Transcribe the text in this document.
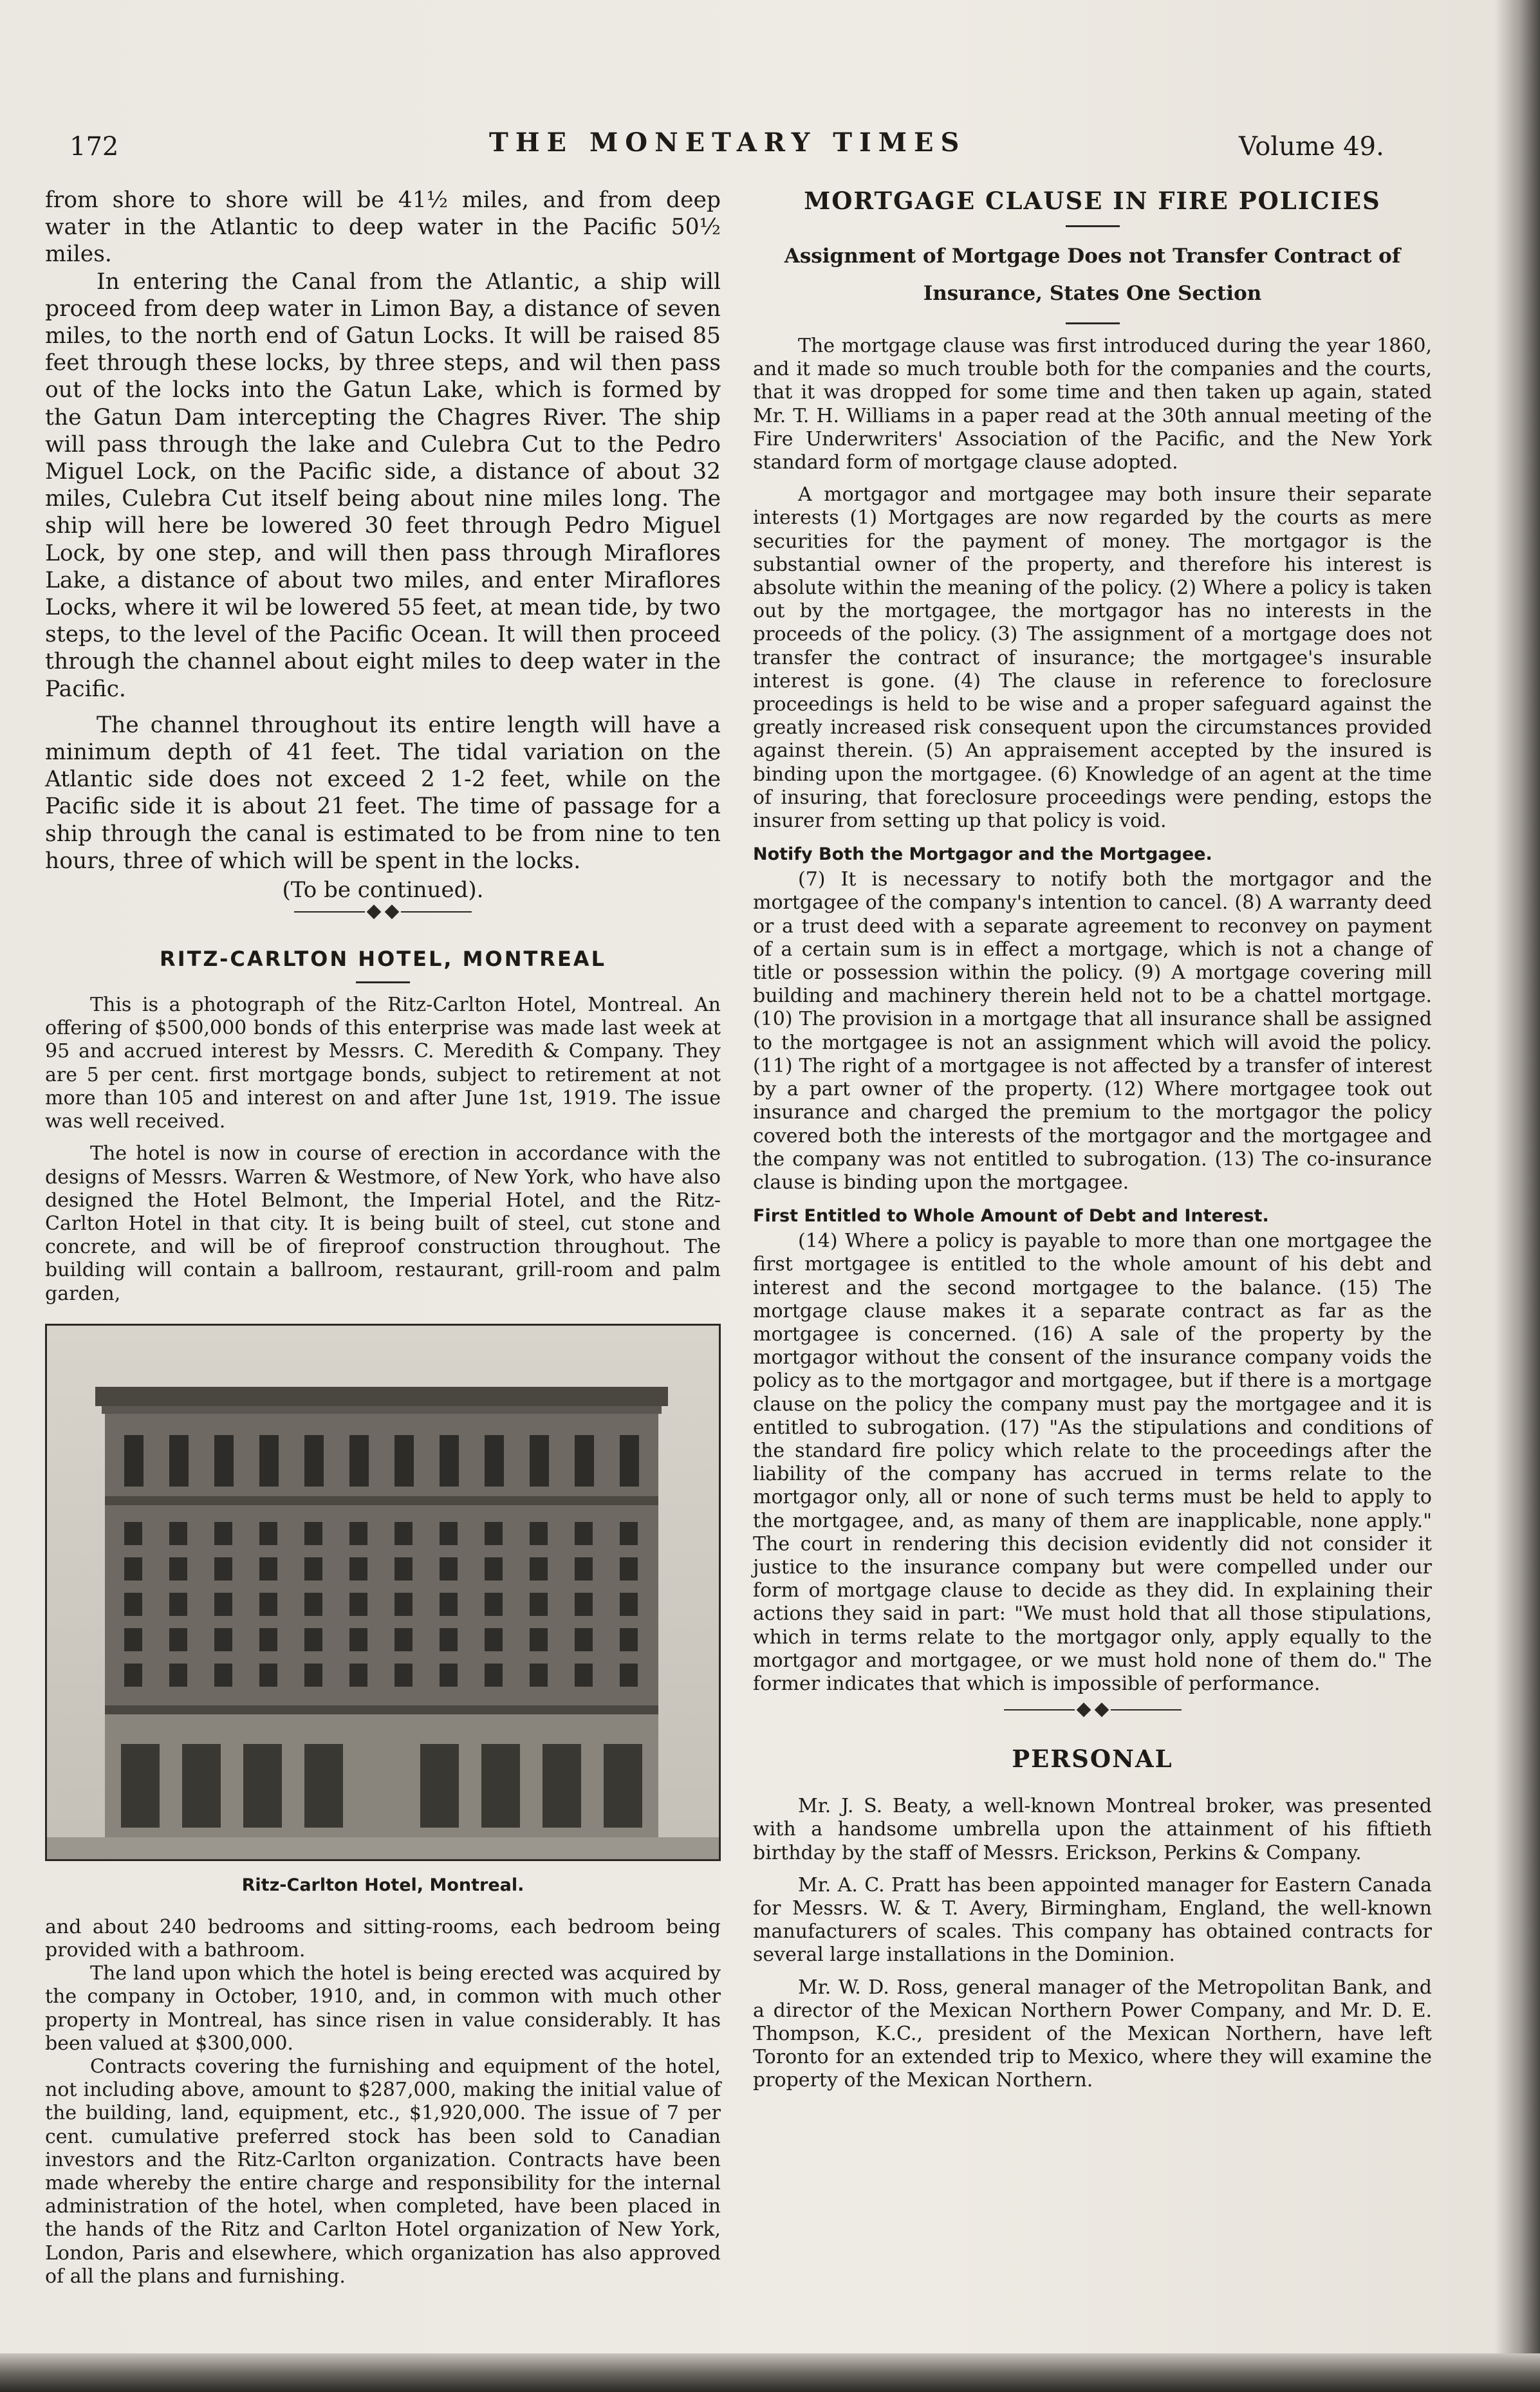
172	THE MONETARY TIMES	Volume 49.

from shore to shore will be 41½ miles, and from deep water in the Atlantic to deep water in the Pacific 50½ miles.

In entering the Canal from the Atlantic, a ship will proceed from deep water in Limon Bay, a distance of seven miles, to the north end of Gatun Locks. It will be raised 85 feet through these locks, by three steps, and wil then pass out of the locks into the Gatun Lake, which is formed by the Gatun Dam intercepting the Chagres River. The ship will pass through the lake and Culebra Cut to the Pedro Miguel Lock, on the Pacific side, a distance of about 32 miles, Culebra Cut itself being about nine miles long. The ship will here be lowered 30 feet through Pedro Miguel Lock, by one step, and will then pass through Miraflores Lake, a distance of about two miles, and enter Miraflores Locks, where it wil be lowered 55 feet, at mean tide, by two steps, to the level of the Pacific Ocean. It will then proceed through the channel about eight miles to deep water in the Pacific.

The channel throughout its entire length will have a minimum depth of 41 feet. The tidal variation on the Atlantic side does not exceed 2 1-2 feet, while on the Pacific side it is about 21 feet. The time of passage for a ship through the canal is estimated to be from nine to ten hours, three of which will be spent in the locks.

(To be continued).

RITZ-CARLTON HOTEL, MONTREAL

This is a photograph of the Ritz-Carlton Hotel, Montreal. An offering of $500,000 bonds of this enterprise was made last week at 95 and accrued interest by Messrs. C. Meredith & Company. They are 5 per cent. first mortgage bonds, subject to retirement at not more than 105 and interest on and after June 1st, 1919. The issue was well received.

The hotel is now in course of erection in accordance with the designs of Messrs. Warren & Westmore, of New York, who have also designed the Hotel Belmont, the Imperial Hotel, and the Ritz-Carlton Hotel in that city. It is being built of steel, cut stone and concrete, and will be of fireproof construction throughout. The building will contain a ballroom, restaurant, grill-room and palm garden,

Ritz-Carlton Hotel, Montreal.

and about 240 bedrooms and sitting-rooms, each bedroom being provided with a bathroom.

The land upon which the hotel is being erected was acquired by the company in October, 1910, and, in common with much other property in Montreal, has since risen in value considerably. It has been valued at $300,000.

Contracts covering the furnishing and equipment of the hotel, not including above, amount to $287,000, making the initial value of the building, land, equipment, etc., $1,920,000. The issue of 7 per cent. cumulative preferred stock has been sold to Canadian investors and the Ritz-Carlton organization. Contracts have been made whereby the entire charge and responsibility for the internal administration of the hotel, when completed, have been placed in the hands of the Ritz and Carlton Hotel organization of New York, London, Paris and elsewhere, which organization has also approved of all the plans and furnishing.

MORTGAGE CLAUSE IN FIRE POLICIES

Assignment of Mortgage Does not Transfer Contract of Insurance, States One Section

The mortgage clause was first introduced during the year 1860, and it made so much trouble both for the companies and the courts, that it was dropped for some time and then taken up again, stated Mr. T. H. Williams in a paper read at the 30th annual meeting of the Fire Underwriters' Association of the Pacific, and the New York standard form of mortgage clause adopted.

A mortgagor and mortgagee may both insure their separate interests (1) Mortgages are now regarded by the courts as mere securities for the payment of money. The mortgagor is the substantial owner of the property, and therefore his interest is absolute within the meaning of the policy. (2) Where a policy is taken out by the mortgagee, the mortgagor has no interests in the proceeds of the policy. (3) The assignment of a mortgage does not transfer the contract of insurance; the mortgagee's insurable interest is gone. (4) The clause in reference to foreclosure proceedings is held to be wise and a proper safeguard against the greatly increased risk consequent upon the circumstances provided against therein. (5) An appraisement accepted by the insured is binding upon the mortgagee. (6) Knowledge of an agent at the time of insuring, that foreclosure proceedings were pending, estops the insurer from setting up that policy is void.

Notify Both the Mortgagor and the Mortgagee.

(7) It is necessary to notify both the mortgagor and the mortgagee of the company's intention to cancel. (8) A warranty deed or a trust deed with a separate agreement to reconvey on payment of a certain sum is in effect a mortgage, which is not a change of title or possession within the policy. (9) A mortgage covering mill building and machinery therein held not to be a chattel mortgage. (10) The provision in a mortgage that all insurance shall be assigned to the mortgagee is not an assignment which will avoid the policy. (11) The right of a mortgagee is not affected by a transfer of interest by a part owner of the property. (12) Where mortgagee took out insurance and charged the premium to the mortgagor the policy covered both the interests of the mortgagor and the mortgagee and the company was not entitled to subrogation. (13) The co-insurance clause is binding upon the mortgagee.

First Entitled to Whole Amount of Debt and Interest.

(14) Where a policy is payable to more than one mortgagee the first mortgagee is entitled to the whole amount of his debt and interest and the second mortgagee to the balance. (15) The mortgage clause makes it a separate contract as far as the mortgagee is concerned. (16) A sale of the property by the mortgagor without the consent of the insurance company voids the policy as to the mortgagor and mortgagee, but if there is a mortgage clause on the policy the company must pay the mortgagee and it is entitled to subrogation. (17) "As the stipulations and conditions of the standard fire policy which relate to the proceedings after the liability of the company has accrued in terms relate to the mortgagor only, all or none of such terms must be held to apply to the mortgagee, and, as many of them are inapplicable, none apply." The court in rendering this decision evidently did not consider it justice to the insurance company but were compelled under our form of mortgage clause to decide as they did. In explaining their actions they said in part: "We must hold that all those stipulations, which in terms relate to the mortgagor only, apply equally to the mortgagor and mortgagee, or we must hold none of them do." The former indicates that which is impossible of performance.

PERSONAL

Mr. J. S. Beaty, a well-known Montreal broker, was presented with a handsome umbrella upon the attainment of his fiftieth birthday by the staff of Messrs. Erickson, Perkins & Company.

Mr. A. C. Pratt has been appointed manager for Eastern Canada for Messrs. W. & T. Avery, Birmingham, England, the well-known manufacturers of scales. This company has obtained contracts for several large installations in the Dominion.

Mr. W. D. Ross, general manager of the Metropolitan Bank, and a director of the Mexican Northern Power Company, and Mr. D. E. Thompson, K.C., president of the Mexican Northern, have left Toronto for an extended trip to Mexico, where they will examine the property of the Mexican Northern.
